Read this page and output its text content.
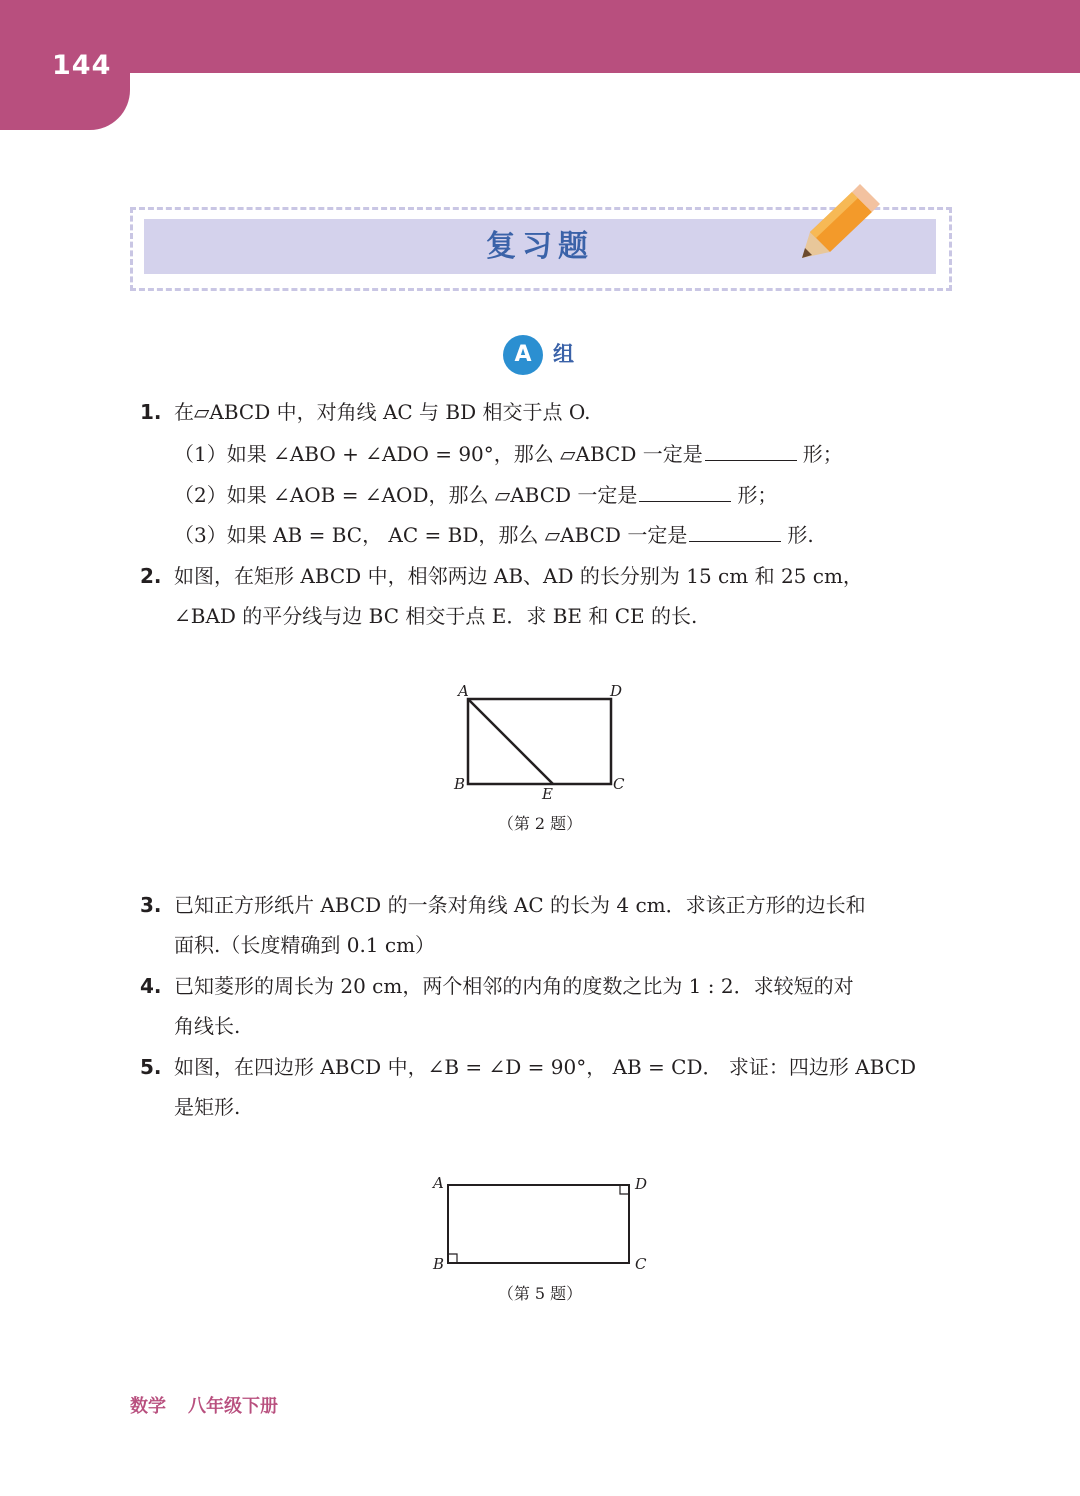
144
复习题
A	组
1. 在▱ABCD 中，对角线 AC 与 BD 相交于点 O.
（1）如果 ∠ABO + ∠ADO = 90°，那么 ▱ABCD 一定是	形；
（2）如果 ∠AOB = ∠AOD，那么 ▱ABCD 一定是	形；
（3）如果 AB = BC， AC = BD，那么 ▱ABCD 一定是	形.
2. 如图，在矩形 ABCD 中，相邻两边 AB、AD 的长分别为 15 cm 和 25 cm，
∠BAD 的平分线与边 BC 相交于点 E．求 BE 和 CE 的长.
A	D
B	C
E
（第 2 题）
3. 已知正方形纸片 ABCD 的一条对角线 AC 的长为 4 cm．求该正方形的边长和
面积.（长度精确到 0.1 cm）
4. 已知菱形的周长为 20 cm，两个相邻的内角的度数之比为 1 : 2．求较短的对
角线长.
5. 如图，在四边形 ABCD 中，∠B = ∠D = 90°， AB = CD． 求证：四边形 ABCD
是矩形.
A	D
B	C
（第 5 题）
数学 八年级下册
